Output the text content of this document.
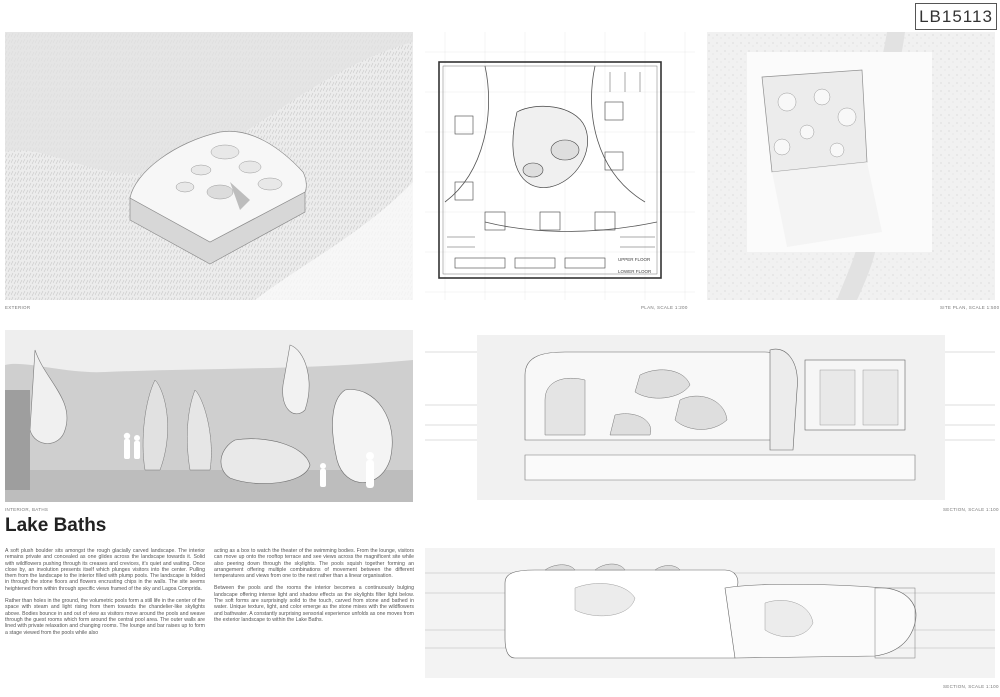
LB15113
EXTERIOR
UPPER FLOOR
LOWER FLOOR
PLAN, SCALE 1:200	SITE PLAN, SCALE 1:500
INTERIOR, BATHS	SECTION, SCALE 1:100
Lake Baths

A soft plush boulder sits amongst the rough glacially carved landscape. The interior remains private and concealed as one glides across the landscape towards it. Solid with wildflowers pushing through its creases and crevices, it's quiet and waiting. Once close by, an involution presents itself which plunges visitors into the center. Pulling them from the landscape to the interior filled with plump pools. The landscape is folded in through the stone floors and flowers encrusting chips in the walls. The site seems heightened from within through specific views framed of the sky and Lagoa Comprida.

Rather than holes in the ground, the volumetric pools form a still life in the center of the space with steam and light rising from them towards the chandelier-like skylights above. Bodies bounce in and out of view as visitors move around the pools and weave through the guest rooms which form around the central pool area. The outer walls are lined with private relaxation and changing rooms. The lounge and bar raises up to form a stage viewed from the pools while also

acting as a box to watch the theater of the swimming bodies. From the lounge, visitors can move up onto the rooftop terrace and see views across the magnificent site while also peering down through the skylights. The pools squish together forming an arrangement offering multiple combinations of movement between the different temperatures and views from one to the next rather than a linear organisation.

Between the pools and the rooms the interior becomes a continuously bulging landscape offering intense light and shadow effects as the skylights filter light below. The soft forms are surprisingly solid to the touch, carved from stone and bathed in water. Unique texture, light, and color emerge as the stone mixes with the wildflowers and bathwater. A constantly surprising sensorial experience unfolds as one moves from the exterior landscape to within the Lake Baths.

SECTION, SCALE 1:100
